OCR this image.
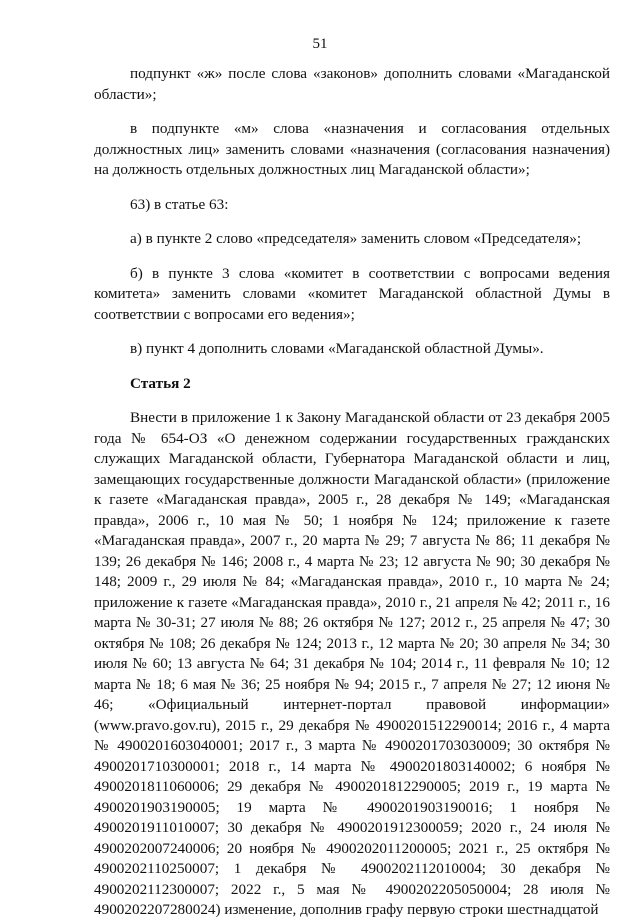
51

подпункт «ж» после слова «законов» дополнить словами «Магаданской области»;

в подпункте «м» слова «назначения и согласования отдельных должностных лиц» заменить словами «назначения (согласования назначения) на должность отдельных должностных лиц Магаданской области»;

63) в статье 63:

а) в пункте 2 слово «председателя» заменить словом «Председателя»;

б) в пункте 3 слова «комитет в соответствии с вопросами ведения комитета» заменить словами «комитет Магаданской областной Думы в соответствии с вопросами его ведения»;

в) пункт 4 дополнить словами «Магаданской областной Думы».

Статья 2

Внести в приложение 1 к Закону Магаданской области от 23 декабря 2005 года № 654-ОЗ «О денежном содержании государственных гражданских служащих Магаданской области, Губернатора Магаданской области и лиц, замещающих государственные должности Магаданской области» (приложение к газете «Магаданская правда», 2005 г., 28 декабря № 149; «Магаданская правда», 2006 г., 10 мая № 50; 1 ноября № 124; приложение к газете «Магаданская правда», 2007 г., 20 марта № 29; 7 августа № 86; 11 декабря № 139; 26 декабря № 146; 2008 г., 4 марта № 23; 12 августа № 90; 30 декабря № 148; 2009 г., 29 июля № 84; «Магаданская правда», 2010 г., 10 марта № 24; приложение к газете «Магаданская правда», 2010 г., 21 апреля № 42; 2011 г., 16 марта № 30-31; 27 июля № 88; 26 октября № 127; 2012 г., 25 апреля № 47; 30 октября № 108; 26 декабря № 124; 2013 г., 12 марта № 20; 30 апреля № 34; 30 июля № 60; 13 августа № 64; 31 декабря № 104; 2014 г., 11 февраля № 10; 12 марта № 18; 6 мая № 36; 25 ноября № 94; 2015 г., 7 апреля № 27; 12 июня № 46; «Официальный интернет-портал правовой информации» (www.pravo.gov.ru), 2015 г., 29 декабря № 4900201512290014; 2016 г., 4 марта № 4900201603040001; 2017 г., 3 марта № 4900201703030009; 30 октября № 4900201710300001; 2018 г., 14 марта № 4900201803140002; 6 ноября № 4900201811060006; 29 декабря № 4900201812290005; 2019 г., 19 марта № 4900201903190005; 19 марта № 4900201903190016; 1 ноября № 4900201911010007; 30 декабря № 4900201912300059; 2020 г., 24 июля № 4900202007240006; 20 ноября № 4900202011200005; 2021 г., 25 октября № 4900202110250007; 1 декабря № 4900202112010004; 30 декабря № 4900202112300007; 2022 г., 5 мая № 4900202205050004; 28 июля № 4900202207280024) изменение, дополнив графу первую строки шестнадцатой
